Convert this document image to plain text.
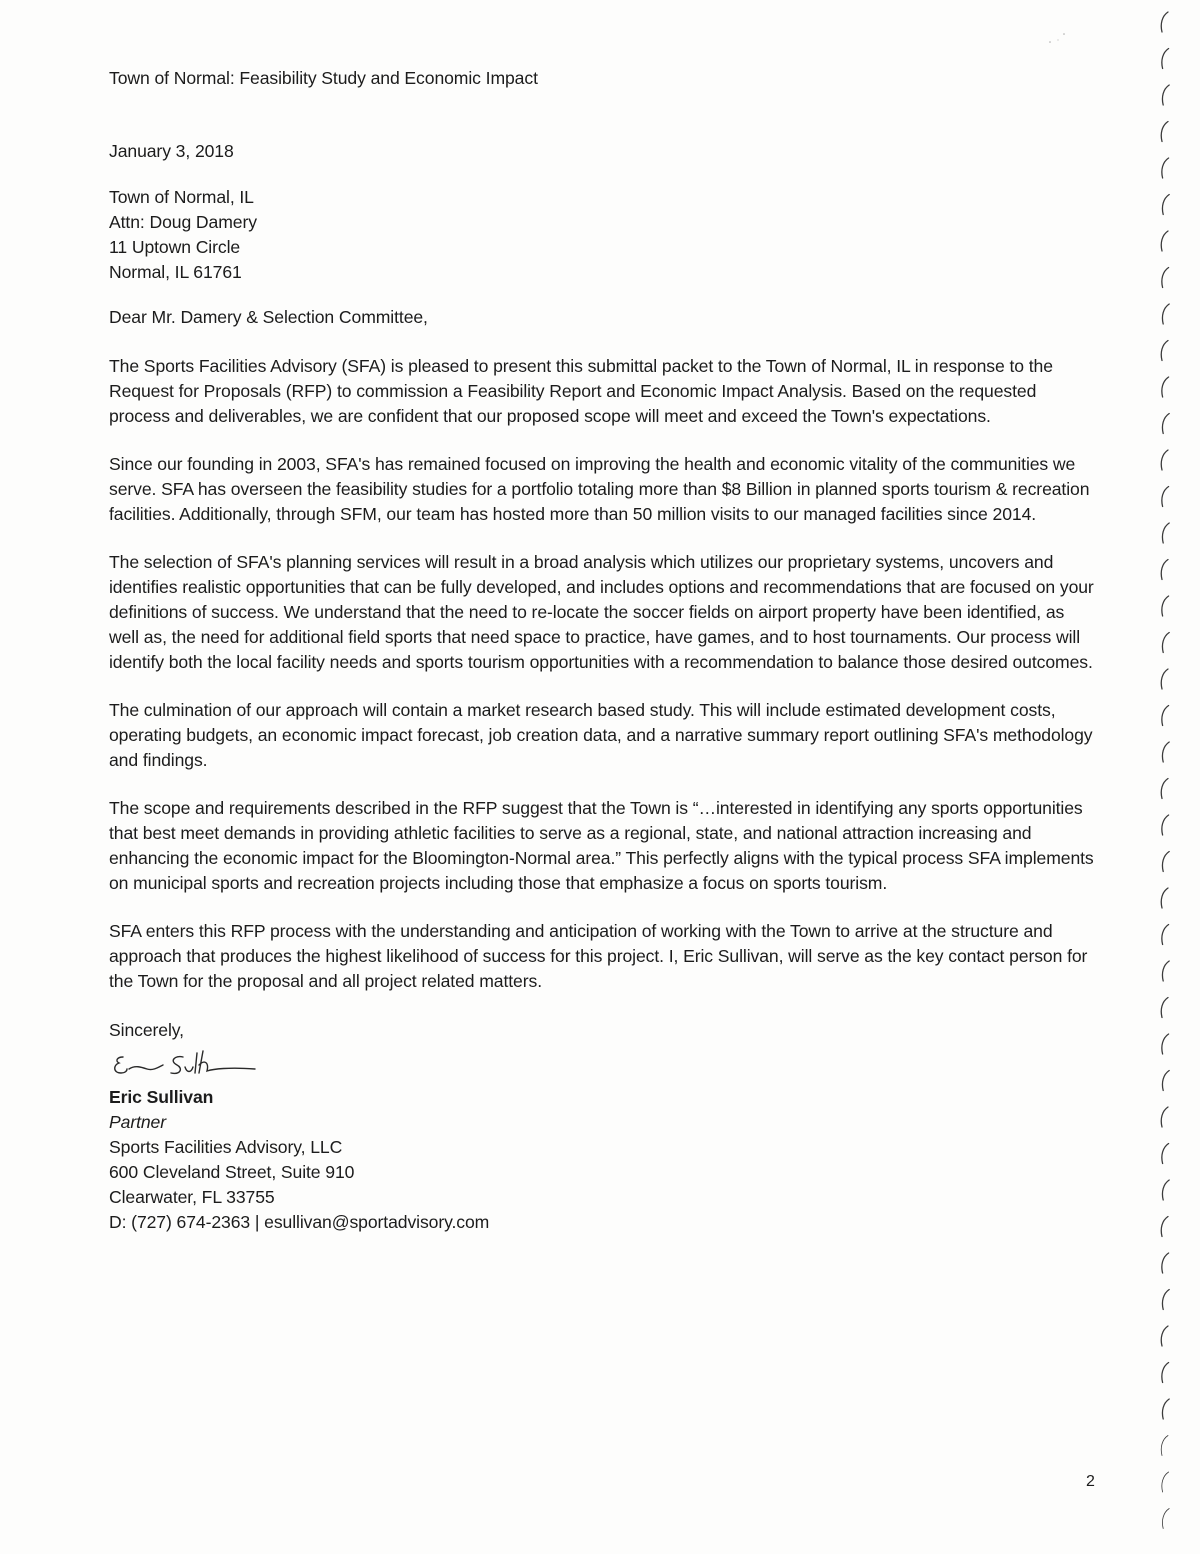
Town of Normal: Feasibility Study and Economic Impact
January 3, 2018
Town of Normal, IL
Attn: Doug Damery
11 Uptown Circle
Normal, IL 61761
Dear Mr. Damery & Selection Committee,

The Sports Facilities Advisory (SFA) is pleased to present this submittal packet to the Town of Normal, IL in response to the Request for Proposals (RFP) to commission a Feasibility Report and Economic Impact Analysis. Based on the requested process and deliverables, we are confident that our proposed scope will meet and exceed the Town's expectations.

Since our founding in 2003, SFA's has remained focused on improving the health and economic vitality of the communities we serve. SFA has overseen the feasibility studies for a portfolio totaling more than $8 Billion in planned sports tourism & recreation facilities. Additionally, through SFM, our team has hosted more than 50 million visits to our managed facilities since 2014.

The selection of SFA's planning services will result in a broad analysis which utilizes our proprietary systems, uncovers and identifies realistic opportunities that can be fully developed, and includes options and recommendations that are focused on your definitions of success. We understand that the need to re-locate the soccer fields on airport property have been identified, as well as, the need for additional field sports that need space to practice, have games, and to host tournaments. Our process will identify both the local facility needs and sports tourism opportunities with a recommendation to balance those desired outcomes.

The culmination of our approach will contain a market research based study. This will include estimated development costs, operating budgets, an economic impact forecast, job creation data, and a narrative summary report outlining SFA's methodology and findings.

The scope and requirements described in the RFP suggest that the Town is “…interested in identifying any sports opportunities that best meet demands in providing athletic facilities to serve as a regional, state, and national attraction increasing and enhancing the economic impact for the Bloomington-Normal area.” This perfectly aligns with the typical process SFA implements on municipal sports and recreation projects including those that emphasize a focus on sports tourism.

SFA enters this RFP process with the understanding and anticipation of working with the Town to arrive at the structure and approach that produces the highest likelihood of success for this project. I, Eric Sullivan, will serve as the key contact person for the Town for the proposal and all project related matters.

Sincerely,
Eric Sullivan
Partner
Sports Facilities Advisory, LLC
600 Cleveland Street, Suite 910
Clearwater, FL 33755
D: (727) 674-2363 | esullivan@sportadvisory.com
2
